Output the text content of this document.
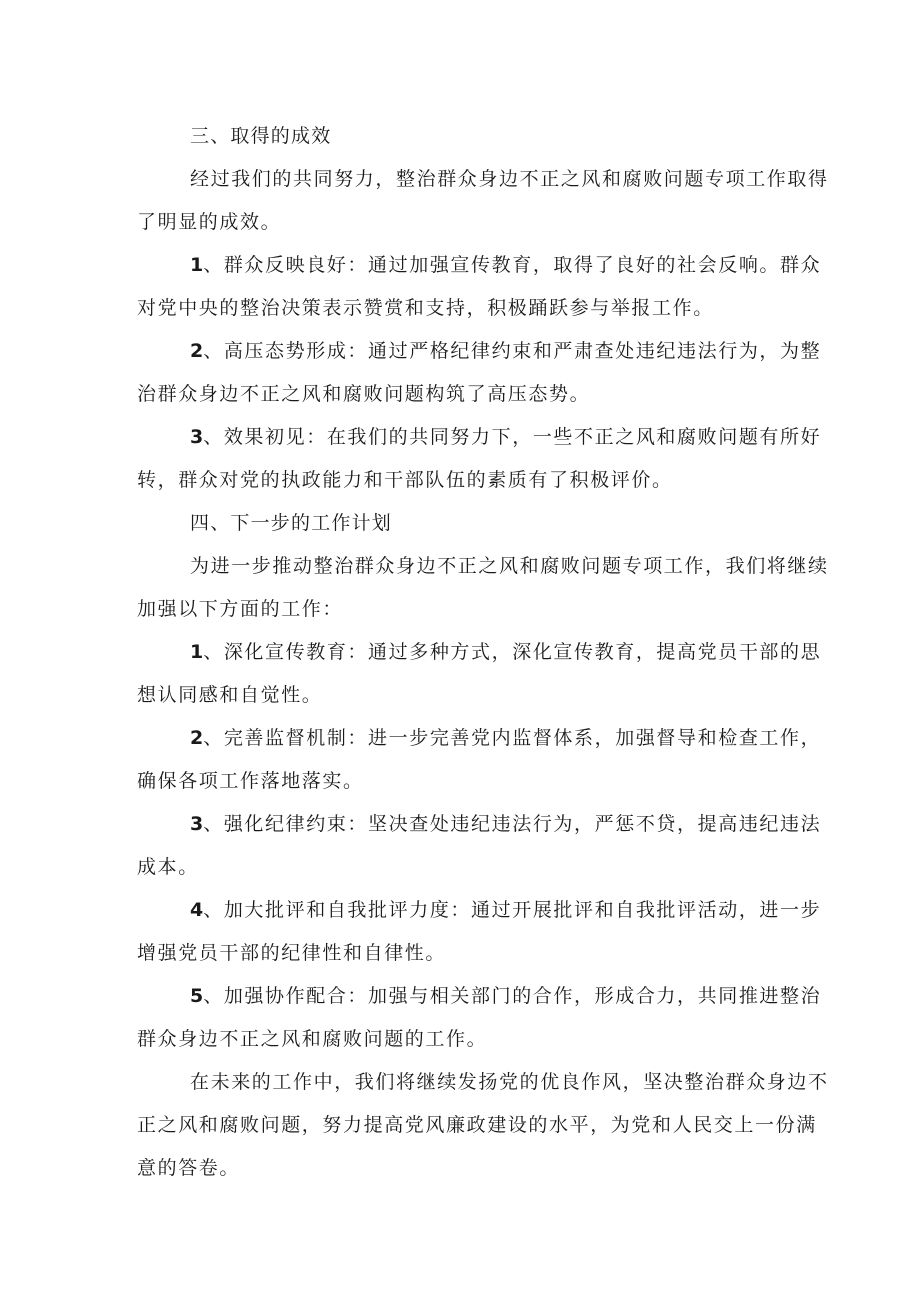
三、取得的成效
经过我们的共同努力，整治群众身边不正之风和腐败问题专项工作取得
了明显的成效。
1、群众反映良好：通过加强宣传教育，取得了良好的社会反响。群众
对党中央的整治决策表示赞赏和支持，积极踊跃参与举报工作。
2、高压态势形成：通过严格纪律约束和严肃查处违纪违法行为，为整
治群众身边不正之风和腐败问题构筑了高压态势。
3、效果初见：在我们的共同努力下，一些不正之风和腐败问题有所好
转，群众对党的执政能力和干部队伍的素质有了积极评价。
四、下一步的工作计划
为进一步推动整治群众身边不正之风和腐败问题专项工作，我们将继续
加强以下方面的工作：
1、深化宣传教育：通过多种方式，深化宣传教育，提高党员干部的思
想认同感和自觉性。
2、完善监督机制：进一步完善党内监督体系，加强督导和检查工作，
确保各项工作落地落实。
3、强化纪律约束：坚决查处违纪违法行为，严惩不贷，提高违纪违法
成本。
4、加大批评和自我批评力度：通过开展批评和自我批评活动，进一步
增强党员干部的纪律性和自律性。
5、加强协作配合：加强与相关部门的合作，形成合力，共同推进整治
群众身边不正之风和腐败问题的工作。
在未来的工作中，我们将继续发扬党的优良作风，坚决整治群众身边不
正之风和腐败问题，努力提高党风廉政建设的水平，为党和人民交上一份满
意的答卷。
